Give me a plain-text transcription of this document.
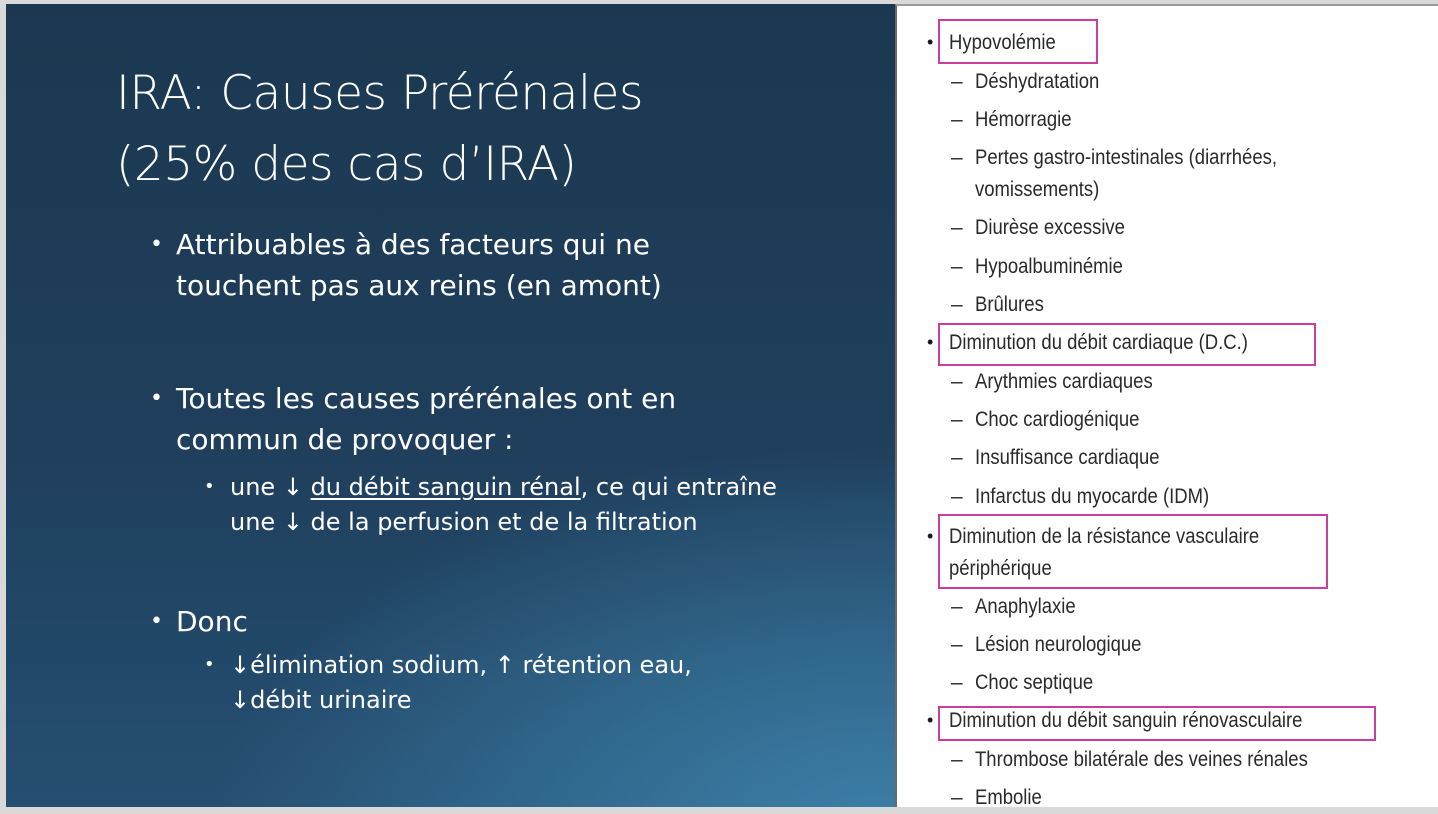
IRA: Causes Prérénales
(25% des cas d’IRA)
• Attribuables à des facteurs qui ne
touchent pas aux reins (en amont)
• Toutes les causes prérénales ont en
commun de provoquer :
• une ↓ du débit sanguin rénal, ce qui entraîne
une ↓ de la perfusion et de la filtration
• Donc
• ↓élimination sodium, ↑ rétention eau,
↓débit urinaire
• Hypovolémie
– Déshydratation
– Hémorragie
– Pertes gastro-intestinales (diarrhées,
vomissements)
– Diurèse excessive
– Hypoalbuminémie
– Brûlures
• Diminution du débit cardiaque (D.C.)
– Arythmies cardiaques
– Choc cardiogénique
– Insuffisance cardiaque
– Infarctus du myocarde (IDM)
• Diminution de la résistance vasculaire
périphérique
– Anaphylaxie
– Lésion neurologique
– Choc septique
• Diminution du débit sanguin rénovasculaire
– Thrombose bilatérale des veines rénales
– Embolie
